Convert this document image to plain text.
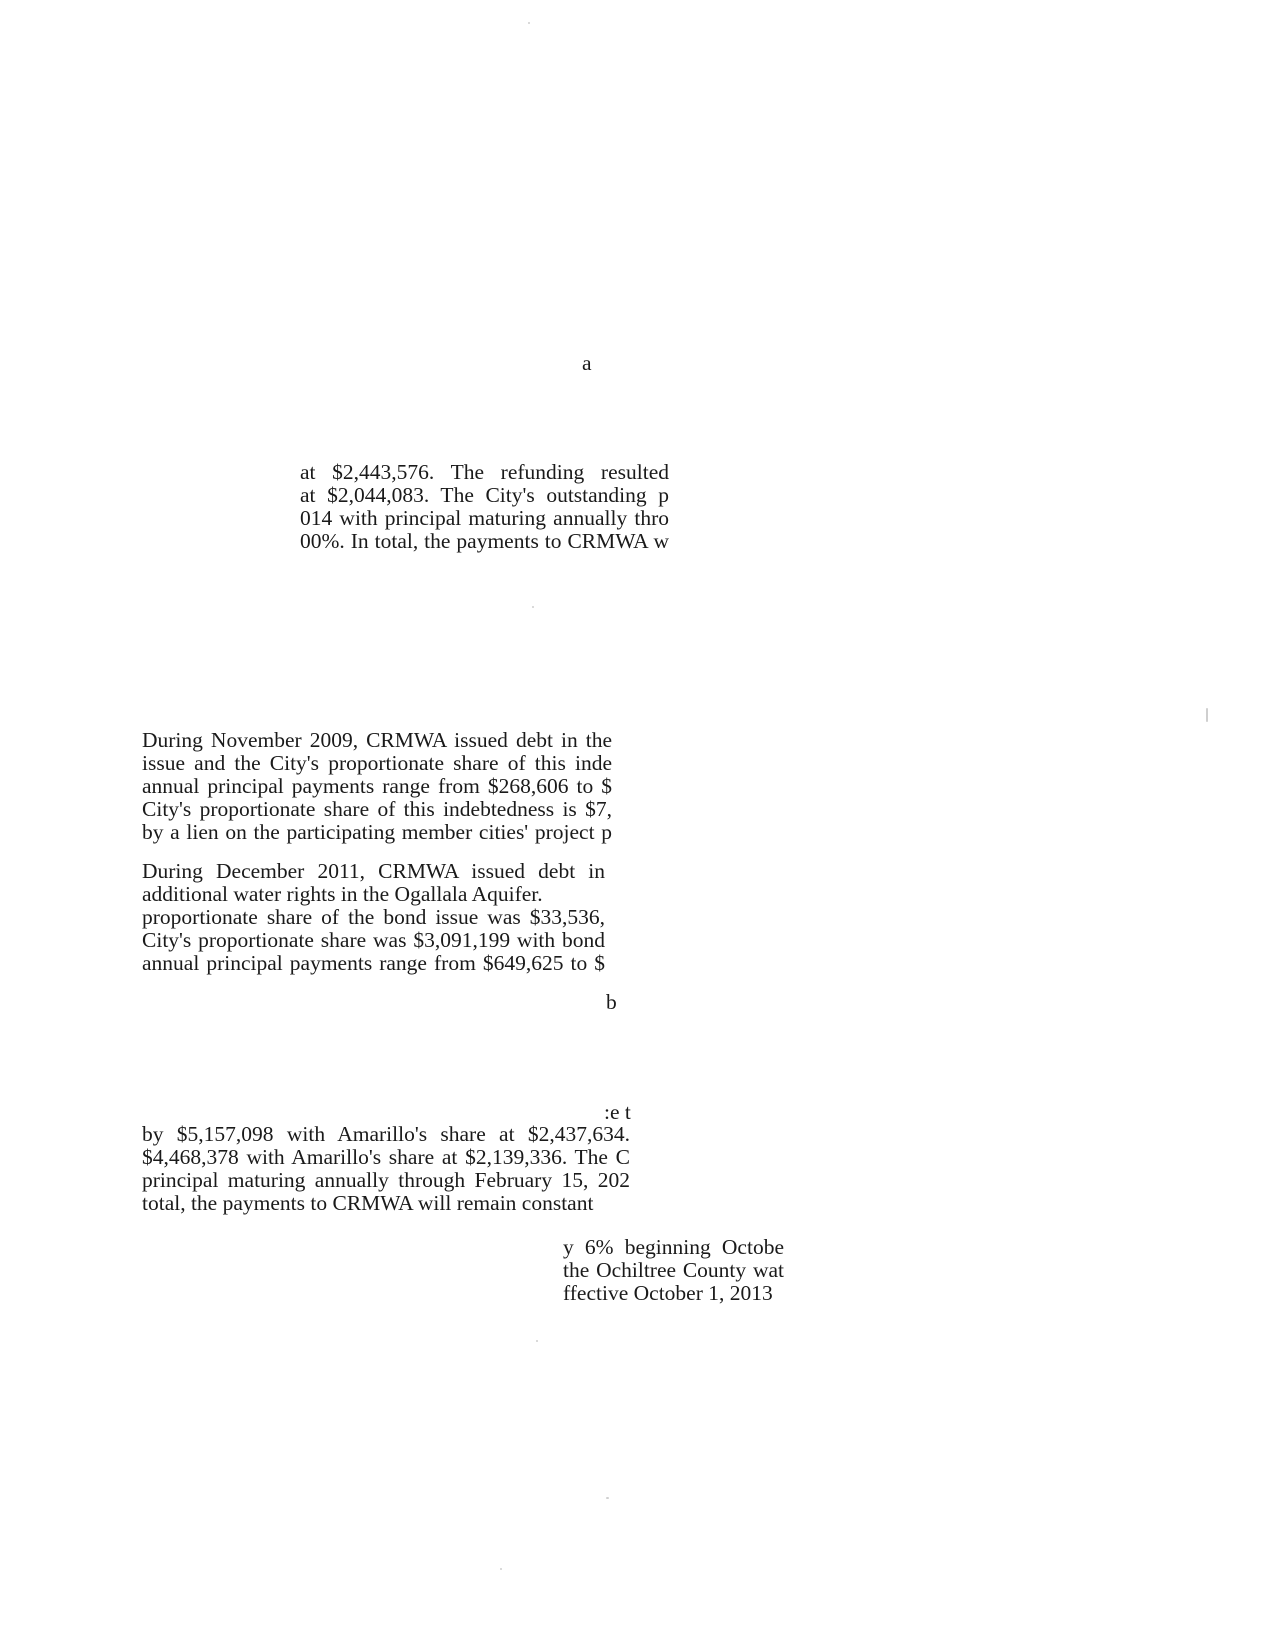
a

at $2,443,576. The refunding resulted
at $2,044,083. The City's outstanding p
014 with principal maturing annually thro
00%. In total, the payments to CRMWA w
During November 2009, CRMWA issued debt in the
issue and the City's proportionate share of this inde
annual principal payments range from $268,606 to $
City's proportionate share of this indebtedness is $7,
by a lien on the participating member cities' project p
During December 2011, CRMWA issued debt in
additional water rights in the Ogallala Aquifer.
proportionate share of the bond issue was $33,536,
City's proportionate share was $3,091,199 with bond
annual principal payments range from $649,625 to $

b

:e t

by $5,157,098 with Amarillo's share at $2,437,634.
$4,468,378 with Amarillo's share at $2,139,336. The C
principal maturing annually through February 15, 202
total, the payments to CRMWA will remain constant
y 6% beginning Octobe
the Ochiltree County wat
ffective October 1, 2013
